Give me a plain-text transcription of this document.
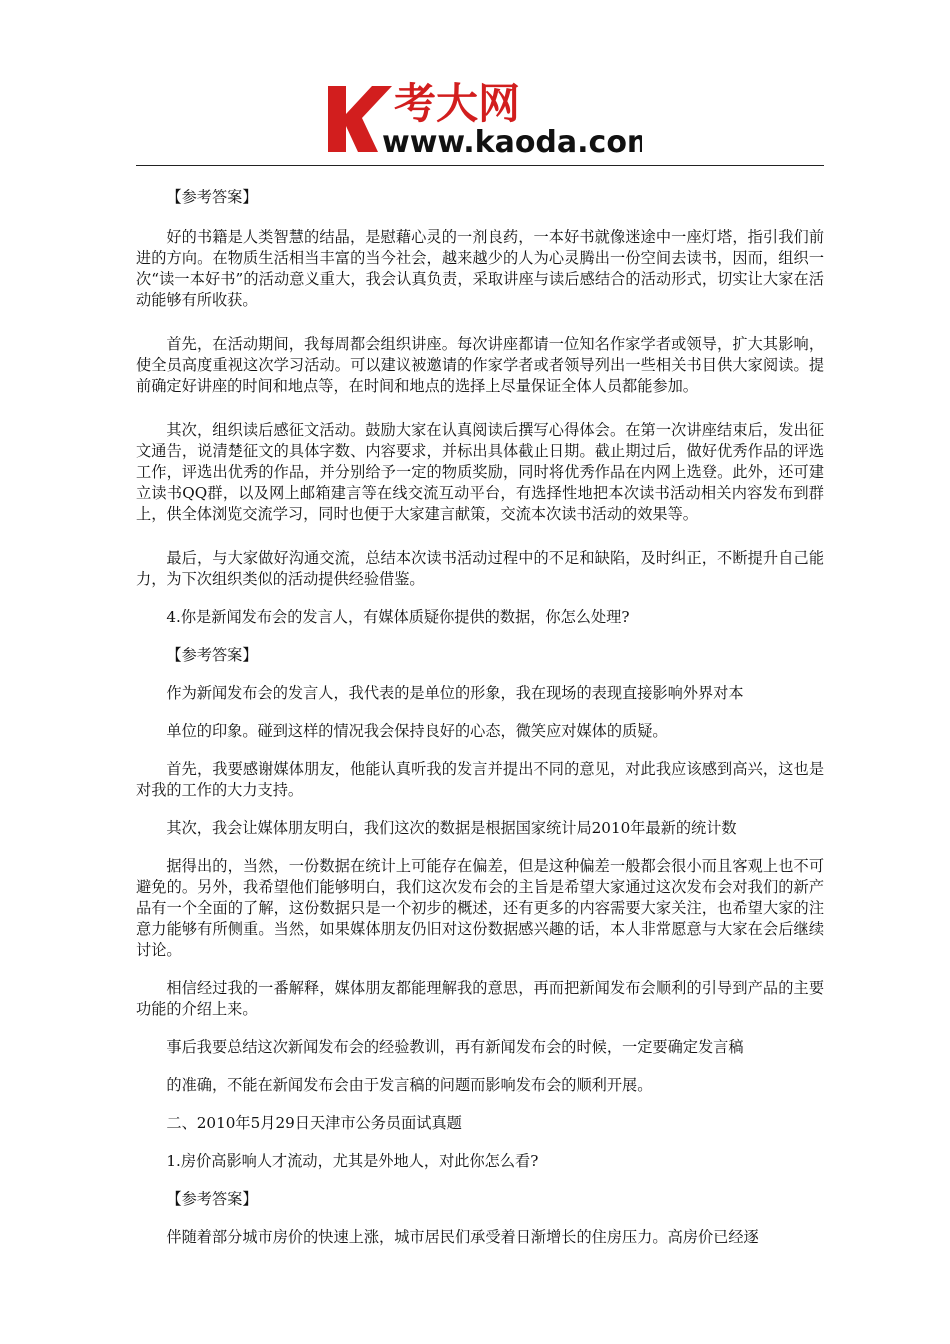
考大网
www.kaoda.com

【参考答案】

好的书籍是人类智慧的结晶，是慰藉心灵的一剂良药，一本好书就像迷途中一座灯塔，指引我们前进的方向。在物质生活相当丰富的当今社会，越来越少的人为心灵腾出一份空间去读书，因而，组织一次“读一本好书”的活动意义重大，我会认真负责，采取讲座与读后感结合的活动形式，切实让大家在活动能够有所收获。

首先，在活动期间，我每周都会组织讲座。每次讲座都请一位知名作家学者或领导，扩大其影响，使全员高度重视这次学习活动。可以建议被邀请的作家学者或者领导列出一些相关书目供大家阅读。提前确定好讲座的时间和地点等，在时间和地点的选择上尽量保证全体人员都能参加。

其次，组织读后感征文活动。鼓励大家在认真阅读后撰写心得体会。在第一次讲座结束后，发出征文通告，说清楚征文的具体字数、内容要求，并标出具体截止日期。截止期过后，做好优秀作品的评选工作，评选出优秀的作品，并分别给予一定的物质奖励，同时将优秀作品在内网上选登。此外，还可建立读书QQ群，以及网上邮箱建言等在线交流互动平台，有选择性地把本次读书活动相关内容发布到群上，供全体浏览交流学习，同时也便于大家建言献策，交流本次读书活动的效果等。

最后，与大家做好沟通交流，总结本次读书活动过程中的不足和缺陷，及时纠正，不断提升自己能力，为下次组织类似的活动提供经验借鉴。

4.你是新闻发布会的发言人，有媒体质疑你提供的数据，你怎么处理?

【参考答案】

作为新闻发布会的发言人，我代表的是单位的形象，我在现场的表现直接影响外界对本

单位的印象。碰到这样的情况我会保持良好的心态，微笑应对媒体的质疑。

首先，我要感谢媒体朋友，他能认真听我的发言并提出不同的意见，对此我应该感到高兴，这也是对我的工作的大力支持。

其次，我会让媒体朋友明白，我们这次的数据是根据国家统计局2010年最新的统计数

据得出的，当然，一份数据在统计上可能存在偏差，但是这种偏差一般都会很小而且客观上也不可避免的。另外，我希望他们能够明白，我们这次发布会的主旨是希望大家通过这次发布会对我们的新产品有一个全面的了解，这份数据只是一个初步的概述，还有更多的内容需要大家关注，也希望大家的注意力能够有所侧重。当然，如果媒体朋友仍旧对这份数据感兴趣的话，本人非常愿意与大家在会后继续讨论。

相信经过我的一番解释，媒体朋友都能理解我的意思，再而把新闻发布会顺利的引导到产品的主要功能的介绍上来。

事后我要总结这次新闻发布会的经验教训，再有新闻发布会的时候，一定要确定发言稿

的准确，不能在新闻发布会由于发言稿的问题而影响发布会的顺利开展。

二、2010年5月29日天津市公务员面试真题

1.房价高影响人才流动，尤其是外地人，对此你怎么看?

【参考答案】

伴随着部分城市房价的快速上涨，城市居民们承受着日渐增长的住房压力。高房价已经逐
